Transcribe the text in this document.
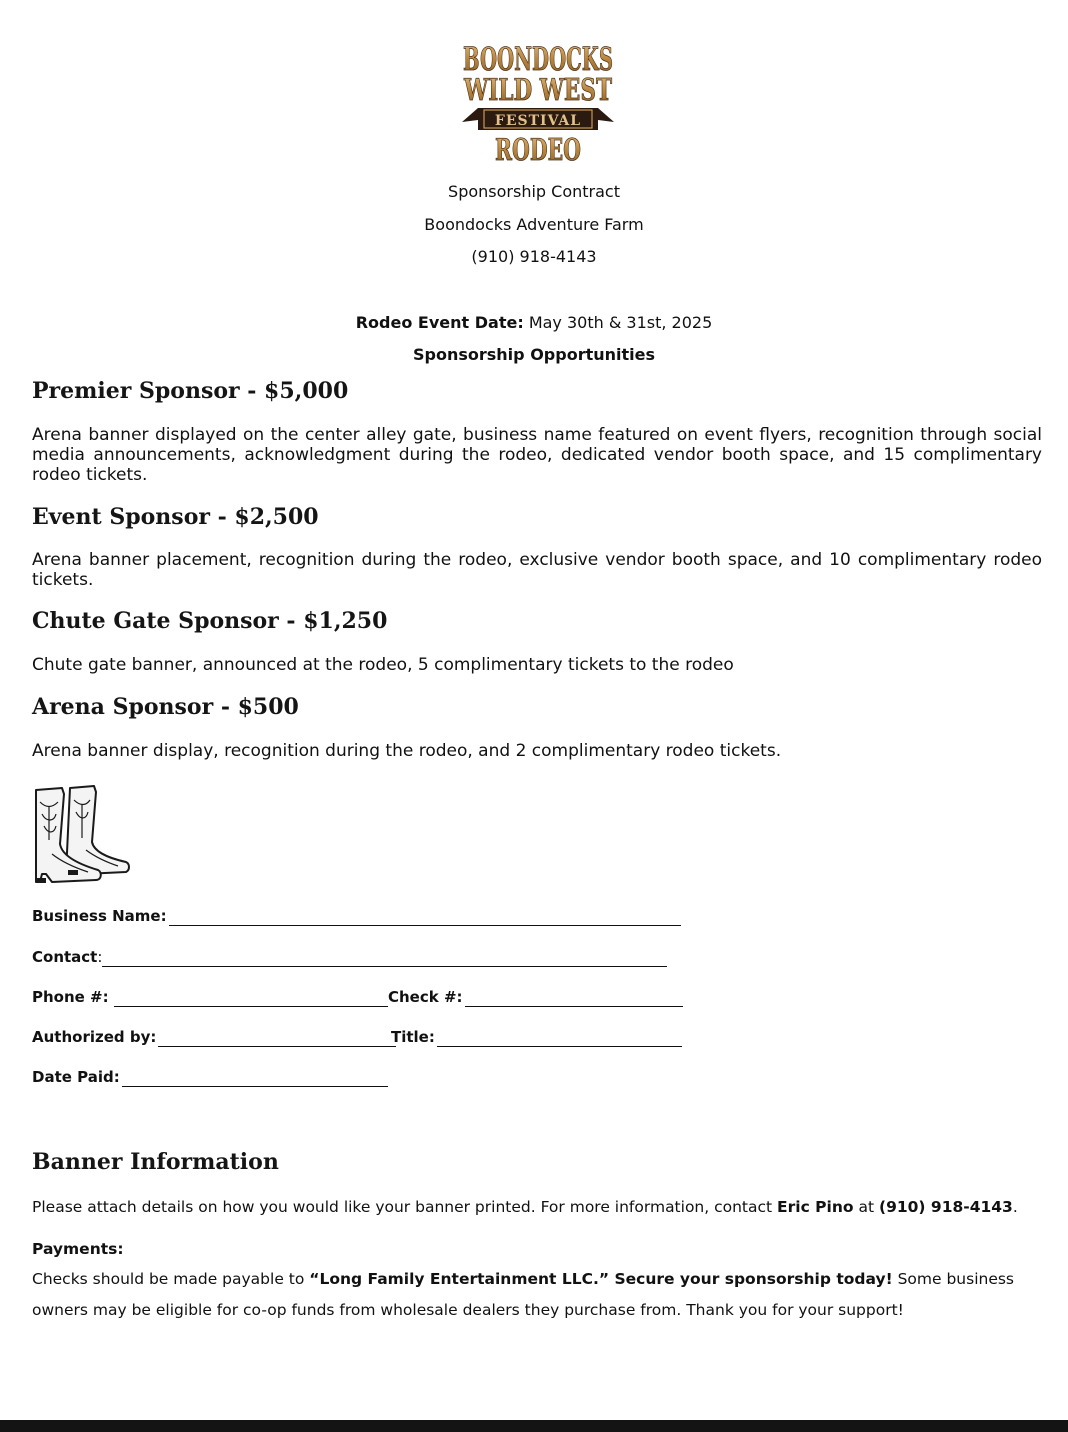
BOONDOCKS
WILD WEST
FESTIVAL
RODEO
Sponsorship Contract
Boondocks Adventure Farm
(910) 918-4143
Rodeo Event Date: May 30th & 31st, 2025
Sponsorship Opportunities
Premier Sponsor - $5,000
Arena banner displayed on the center alley gate, business name featured on event flyers, recognition through social media announcements, acknowledgment during the rodeo, dedicated vendor booth space, and 15 complimentary rodeo tickets.
Event Sponsor - $2,500
Arena banner placement, recognition during the rodeo, exclusive vendor booth space, and 10 complimentary rodeo tickets.
Chute Gate Sponsor - $1,250
Chute gate banner, announced at the rodeo, 5 complimentary tickets to the rodeo
Arena Sponsor - $500
Arena banner display, recognition during the rodeo, and 2 complimentary rodeo tickets.
Business Name:
Contact :
Phone #:	Check #:
Authorized by:	Title:
Date Paid:
Banner Information
Please attach details on how you would like your banner printed. For more information, contact Eric Pino at (910) 918-4143.
Payments:
Checks should be made payable to “Long Family Entertainment LLC.” Secure your sponsorship today! Some business owners may be eligible for co-op funds from wholesale dealers they purchase from. Thank you for your support!
